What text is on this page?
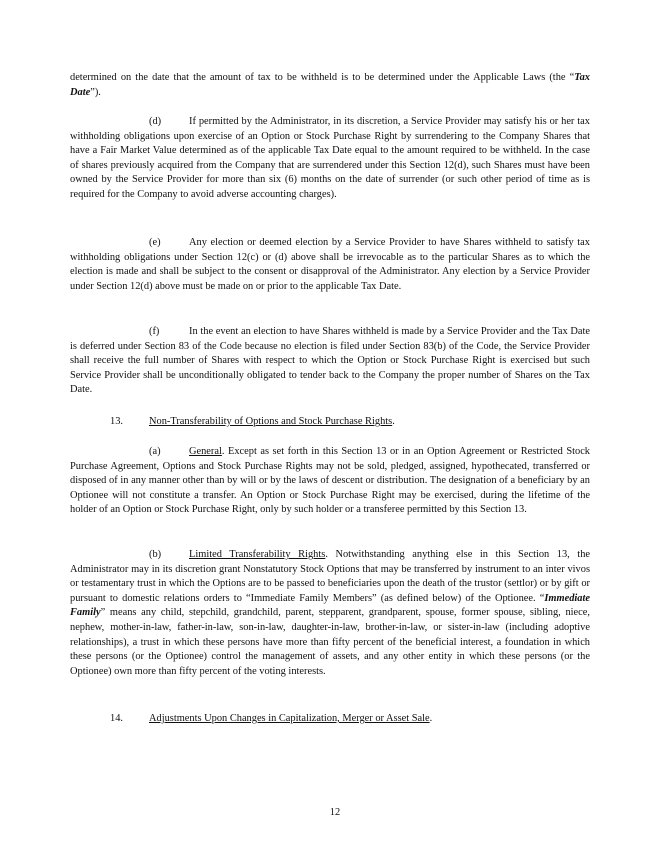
determined on the date that the amount of tax to be withheld is to be determined under the Applicable Laws (the “Tax Date”).

(d)	If permitted by the Administrator, in its discretion, a Service Provider may satisfy his or her tax withholding obligations upon exercise of an Option or Stock Purchase Right by surrendering to the Company Shares that have a Fair Market Value determined as of the applicable Tax Date equal to the amount required to be withheld. In the case of shares previously acquired from the Company that are surrendered under this Section 12(d), such Shares must have been owned by the Service Provider for more than six (6) months on the date of surrender (or such other period of time as is required for the Company to avoid adverse accounting charges).

(e)	Any election or deemed election by a Service Provider to have Shares withheld to satisfy tax withholding obligations under Section 12(c) or (d) above shall be irrevocable as to the particular Shares as to which the election is made and shall be subject to the consent or disapproval of the Administrator. Any election by a Service Provider under Section 12(d) above must be made on or prior to the applicable Tax Date.

(f)	In the event an election to have Shares withheld is made by a Service Provider and the Tax Date is deferred under Section 83 of the Code because no election is filed under Section 83(b) of the Code, the Service Provider shall receive the full number of Shares with respect to which the Option or Stock Purchase Right is exercised but such Service Provider shall be unconditionally obligated to tender back to the Company the proper number of Shares on the Tax Date.

13.	Non-Transferability of Options and Stock Purchase Rights.

(a)	General. Except as set forth in this Section 13 or in an Option Agreement or Restricted Stock Purchase Agreement, Options and Stock Purchase Rights may not be sold, pledged, assigned, hypothecated, transferred or disposed of in any manner other than by will or by the laws of descent or distribution. The designation of a beneficiary by an Optionee will not constitute a transfer. An Option or Stock Purchase Right may be exercised, during the lifetime of the holder of an Option or Stock Purchase Right, only by such holder or a transferee permitted by this Section 13.

(b)	Limited Transferability Rights. Notwithstanding anything else in this Section 13, the Administrator may in its discretion grant Nonstatutory Stock Options that may be transferred by instrument to an inter vivos or testamentary trust in which the Options are to be passed to beneficiaries upon the death of the trustor (settlor) or by gift or pursuant to domestic relations orders to “Immediate Family Members” (as defined below) of the Optionee. “Immediate Family” means any child, stepchild, grandchild, parent, stepparent, grandparent, spouse, former spouse, sibling, niece, nephew, mother-in-law, father-in-law, son-in-law, daughter-in-law, brother-in-law, or sister-in-law (including adoptive relationships), a trust in which these persons have more than fifty percent of the beneficial interest, a foundation in which these persons (or the Optionee) control the management of assets, and any other entity in which these persons (or the Optionee) own more than fifty percent of the voting interests.

14.	Adjustments Upon Changes in Capitalization, Merger or Asset Sale.

12
